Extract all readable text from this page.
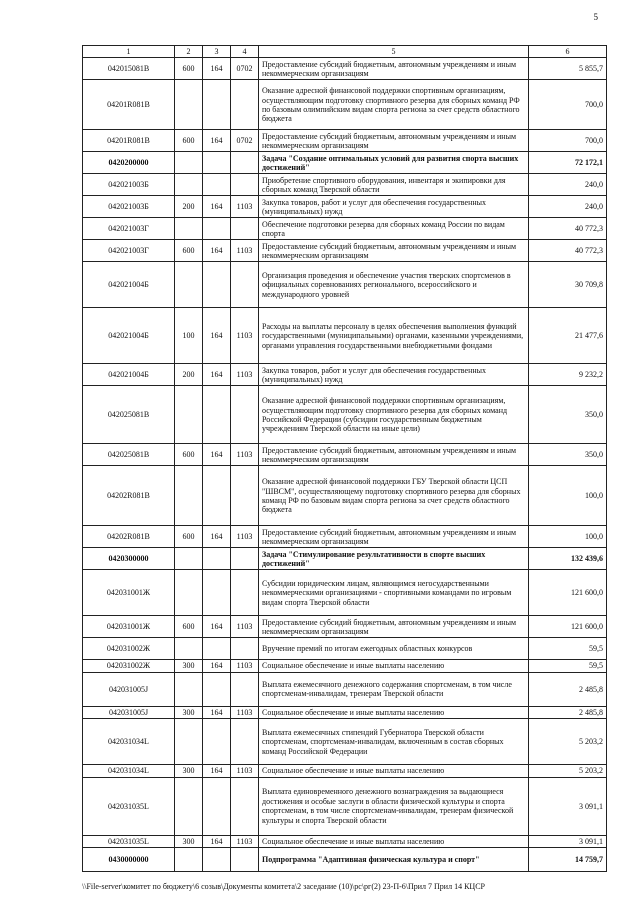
5
1	2	3	4	5	6
042015081В	600	164	0702	Предоставление субсидий бюджетным, автономным учреждениям и иным некоммерческим организациям	5 855,7
04201R081В				Оказание адресной финансовой поддержки спортивным организациям, осуществляющим подготовку спортивного резерва для сборных команд РФ по базовым олимпийским видам спорта региона за счет средств областного бюджета	700,0
04201R081В	600	164	0702	Предоставление субсидий бюджетным, автономным учреждениям и иным некоммерческим организациям	700,0
0420200000				Задача "Создание оптимальных условий для развития спорта высших достижений"	72 172,1
042021003Б				Приобретение спортивного оборудования, инвентаря и экипировки для сборных команд Тверской области	240,0
042021003Б	200	164	1103	Закупка товаров, работ и услуг для обеспечения государственных (муниципальных) нужд	240,0
042021003Г				Обеспечение подготовки резерва для сборных команд России по видам спорта	40 772,3
042021003Г	600	164	1103	Предоставление субсидий бюджетным, автономным учреждениям и иным некоммерческим организациям	40 772,3
042021004Б				Организация проведения и обеспечение участия тверских спортсменов в официальных соревнованиях регионального, всероссийского и международного уровней	30 709,8
042021004Б	100	164	1103	Расходы на выплаты персоналу в целях обеспечения выполнения функций государственными (муниципальными) органами, казенными учреждениями, органами управления государственными внебюджетными фондами	21 477,6
042021004Б	200	164	1103	Закупка товаров, работ и услуг для обеспечения государственных (муниципальных) нужд	9 232,2
042025081В				Оказание адресной финансовой поддержки спортивным организациям, осуществляющим подготовку спортивного резерва для сборных команд Российской Федерации (субсидии государственным бюджетным учреждениям Тверской области на иные цели)	350,0
042025081В	600	164	1103	Предоставление субсидий бюджетным, автономным учреждениям и иным некоммерческим организациям	350,0
04202R081В				Оказание адресной финансовой поддержки ГБУ Тверской области ЦСП "ШВСМ", осуществляющему подготовку спортивного резерва для сборных команд РФ по базовым видам спорта региона за счет средств областного бюджета	100,0
04202R081В	600	164	1103	Предоставление субсидий бюджетным, автономным учреждениям и иным некоммерческим организациям	100,0
0420300000				Задача "Стимулирование результативности в спорте высших достижений"	132 439,6
042031001Ж				Субсидии юридическим лицам, являющимся негосударственными некоммерческими организациями - спортивными командами по игровым видам спорта Тверской области	121 600,0
042031001Ж	600	164	1103	Предоставление субсидий бюджетным, автономным учреждениям и иным некоммерческим организациям	121 600,0
042031002Ж				Вручение премий по итогам ежегодных областных конкурсов	59,5
042031002Ж	300	164	1103	Социальное обеспечение и иные выплаты населению	59,5
042031005J				Выплата ежемесячного денежного содержания спортсменам, в том числе спортсменам-инвалидам, тренерам Тверской области	2 485,8
042031005J	300	164	1103	Социальное обеспечение и иные выплаты населению	2 485,8
042031034L				Выплата ежемесячных стипендий Губернатора Тверской области спортсменам, спортсменам-инвалидам, включенным в состав сборных команд Российской Федерации	5 203,2
042031034L	300	164	1103	Социальное обеспечение и иные выплаты населению	5 203,2
042031035L				Выплата единовременного денежного вознаграждения за выдающиеся достижения и особые заслуги в области физической культуры и спорта спортсменам, в том числе спортсменам-инвалидам, тренерам физической культуры и спорта Тверской области	3 091,1
042031035L	300	164	1103	Социальное обеспечение и иные выплаты населению	3 091,1
0430000000				Подпрограмма "Адаптивная физическая культура и спорт"	14 759,7
\\File-server\комитет по бюджету\6 созыв\Документы комитета\2 заседание (10)\рс\рг(2) 23-П-6\Прил 7 Прил 14 КЦСР
